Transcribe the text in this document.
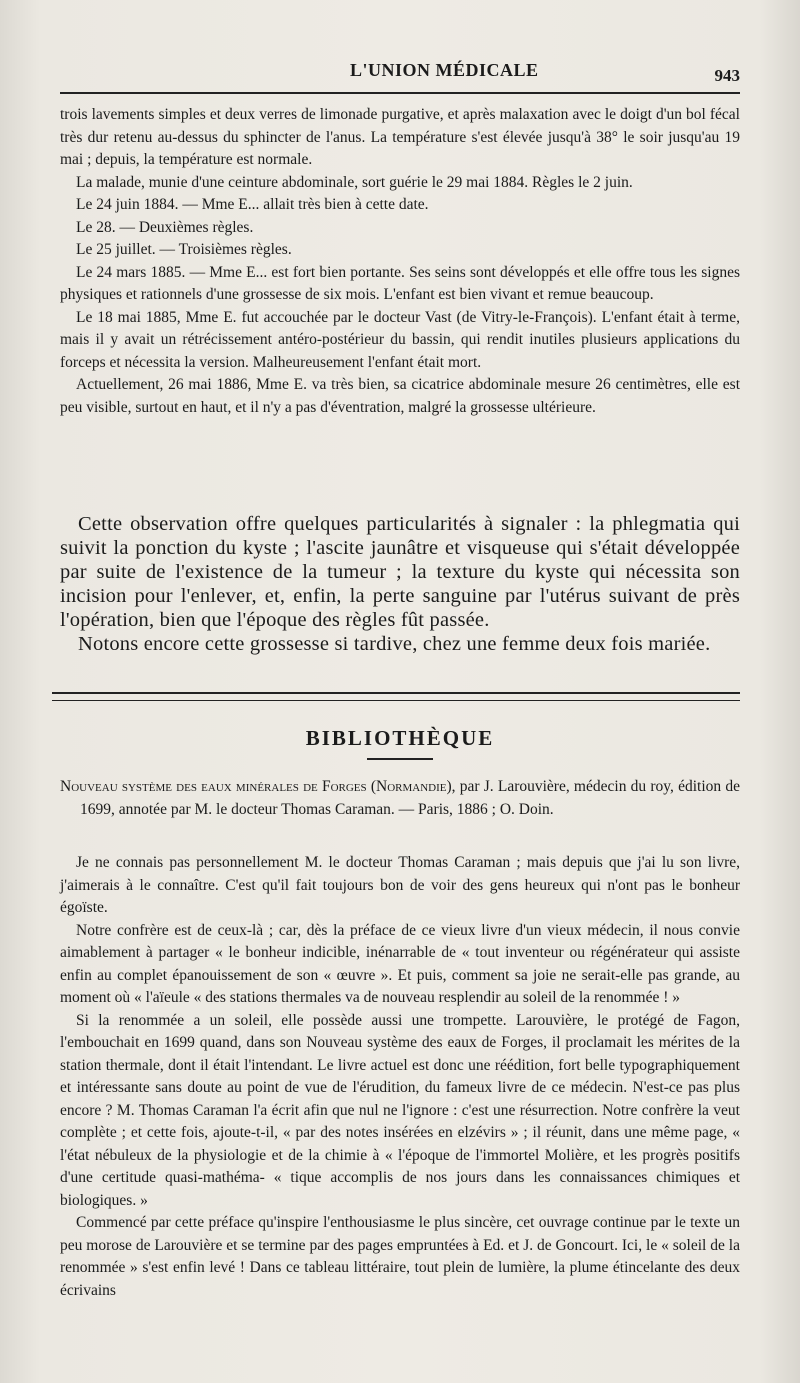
L'UNION MÉDICALE	943

trois lavements simples et deux verres de limonade purgative, et après malaxation avec le doigt d'un bol fécal très dur retenu au-dessus du sphincter de l'anus. La température s'est élevée jusqu'à 38° le soir jusqu'au 19 mai ; depuis, la température est normale.

La malade, munie d'une ceinture abdominale, sort guérie le 29 mai 1884. Règles le 2 juin.

Le 24 juin 1884. — Mme E... allait très bien à cette date.

Le 28. — Deuxièmes règles.

Le 25 juillet. — Troisièmes règles.

Le 24 mars 1885. — Mme E... est fort bien portante. Ses seins sont développés et elle offre tous les signes physiques et rationnels d'une grossesse de six mois. L'enfant est bien vivant et remue beaucoup.

Le 18 mai 1885, Mme E. fut accouchée par le docteur Vast (de Vitry-le-François). L'enfant était à terme, mais il y avait un rétrécissement antéro-postérieur du bassin, qui rendit inutiles plusieurs applications du forceps et nécessita la version. Malheureusement l'enfant était mort.

Actuellement, 26 mai 1886, Mme E. va très bien, sa cicatrice abdominale mesure 26 centimètres, elle est peu visible, surtout en haut, et il n'y a pas d'éventration, malgré la grossesse ultérieure.

Cette observation offre quelques particularités à signaler : la phlegmatia qui suivit la ponction du kyste ; l'ascite jaunâtre et visqueuse qui s'était développée par suite de l'existence de la tumeur ; la texture du kyste qui nécessita son incision pour l'enlever, et, enfin, la perte sanguine par l'utérus suivant de près l'opération, bien que l'époque des règles fût passée.

Notons encore cette grossesse si tardive, chez une femme deux fois mariée.

BIBLIOTHÈQUE

Nouveau système des eaux minérales de Forges (Normandie), par J. Larouvière, médecin du roy, édition de 1699, annotée par M. le docteur Thomas Caraman. — Paris, 1886 ; O. Doin.

Je ne connais pas personnellement M. le docteur Thomas Caraman ; mais depuis que j'ai lu son livre, j'aimerais à le connaître. C'est qu'il fait toujours bon de voir des gens heureux qui n'ont pas le bonheur égoïste.

Notre confrère est de ceux-là ; car, dès la préface de ce vieux livre d'un vieux médecin, il nous convie aimablement à partager « le bonheur indicible, inénarrable de « tout inventeur ou régénérateur qui assiste enfin au complet épanouissement de son « œuvre ». Et puis, comment sa joie ne serait-elle pas grande, au moment où « l'aïeule « des stations thermales va de nouveau resplendir au soleil de la renommée ! »

Si la renommée a un soleil, elle possède aussi une trompette. Larouvière, le protégé de Fagon, l'embouchait en 1699 quand, dans son Nouveau système des eaux de Forges, il proclamait les mérites de la station thermale, dont il était l'intendant. Le livre actuel est donc une réédition, fort belle typographiquement et intéressante sans doute au point de vue de l'érudition, du fameux livre de ce médecin. N'est-ce pas plus encore ? M. Thomas Caraman l'a écrit afin que nul ne l'ignore : c'est une résurrection. Notre confrère la veut complète ; et cette fois, ajoute-t-il, « par des notes insérées en elzévirs » ; il réunit, dans une même page, « l'état nébuleux de la physiologie et de la chimie à « l'époque de l'immortel Molière, et les progrès positifs d'une certitude quasi-mathéma- « tique accomplis de nos jours dans les connaissances chimiques et biologiques. »

Commencé par cette préface qu'inspire l'enthousiasme le plus sincère, cet ouvrage continue par le texte un peu morose de Larouvière et se termine par des pages empruntées à Ed. et J. de Goncourt. Ici, le « soleil de la renommée » s'est enfin levé ! Dans ce tableau littéraire, tout plein de lumière, la plume étincelante des deux écrivains
